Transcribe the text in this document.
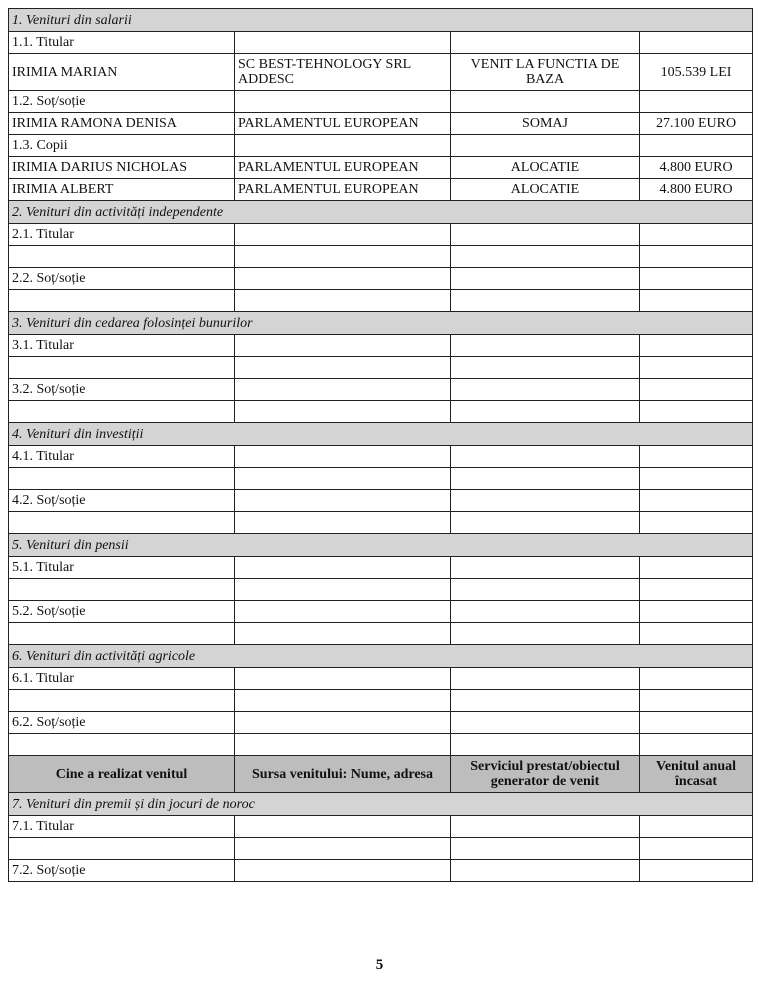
1. Venituri din salarii			
1.1. Titular			
IRIMIA MARIAN	SC BEST-TEHNOLOGY SRL ADDESC	VENIT LA FUNCTIA DE BAZA	105.539 LEI
1.2. Soț/soție			
IRIMIA RAMONA DENISA	PARLAMENTUL EUROPEAN	SOMAJ	27.100 EURO
1.3. Copii			
IRIMIA DARIUS NICHOLAS	PARLAMENTUL EUROPEAN	ALOCATIE	4.800 EURO
IRIMIA ALBERT	PARLAMENTUL EUROPEAN	ALOCATIE	4.800 EURO
2. Venituri din activități independente			
2.1. Titular			

2.2. Soț/soție			

3. Venituri din cedarea folosinței bunurilor			
3.1. Titular			

3.2. Soț/soție			

4. Venituri din investiții			
4.1. Titular			

4.2. Soț/soție			

5. Venituri din pensii			
5.1. Titular			

5.2. Soț/soție			

6. Venituri din activități agricole			
6.1. Titular			

6.2. Soț/soție			

Cine a realizat venitul	Sursa venitului: Nume, adresa	Serviciul prestat/obiectul generator de venit	Venitul anual încasat
7. Venituri din premii și din jocuri de noroc			
7.1. Titular			

7.2. Soț/soție			
5
